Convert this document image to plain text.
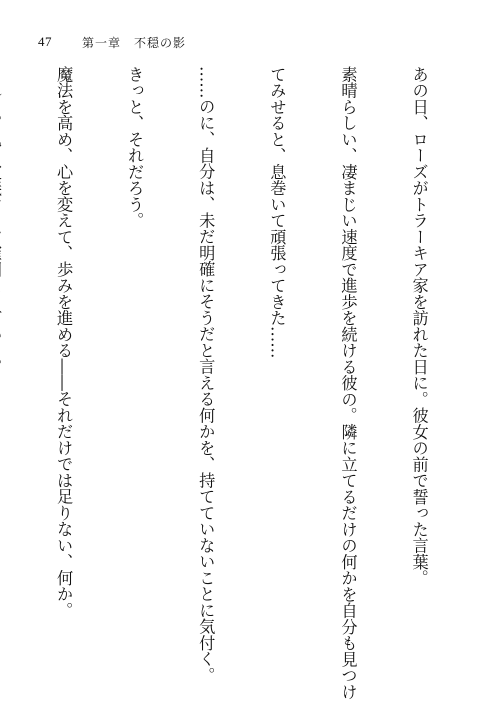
47	第一章　不穏の影

あの日、ローズがトラーキア家を訪れた日に。彼女の前で誓った言葉。

素晴らしい、凄まじい速度で進歩を続ける彼の。隣に立てるだけの何かを自分も見つけ

てみせると、息巻いて頑張ってきた……

……のに、自分は、未だ明確にそうだと言える何かを、持てていないことに気付く。

きっと、それだろう。

魔法を高め、心を変えて、歩みを進める――それだけでは足りない、何か。
